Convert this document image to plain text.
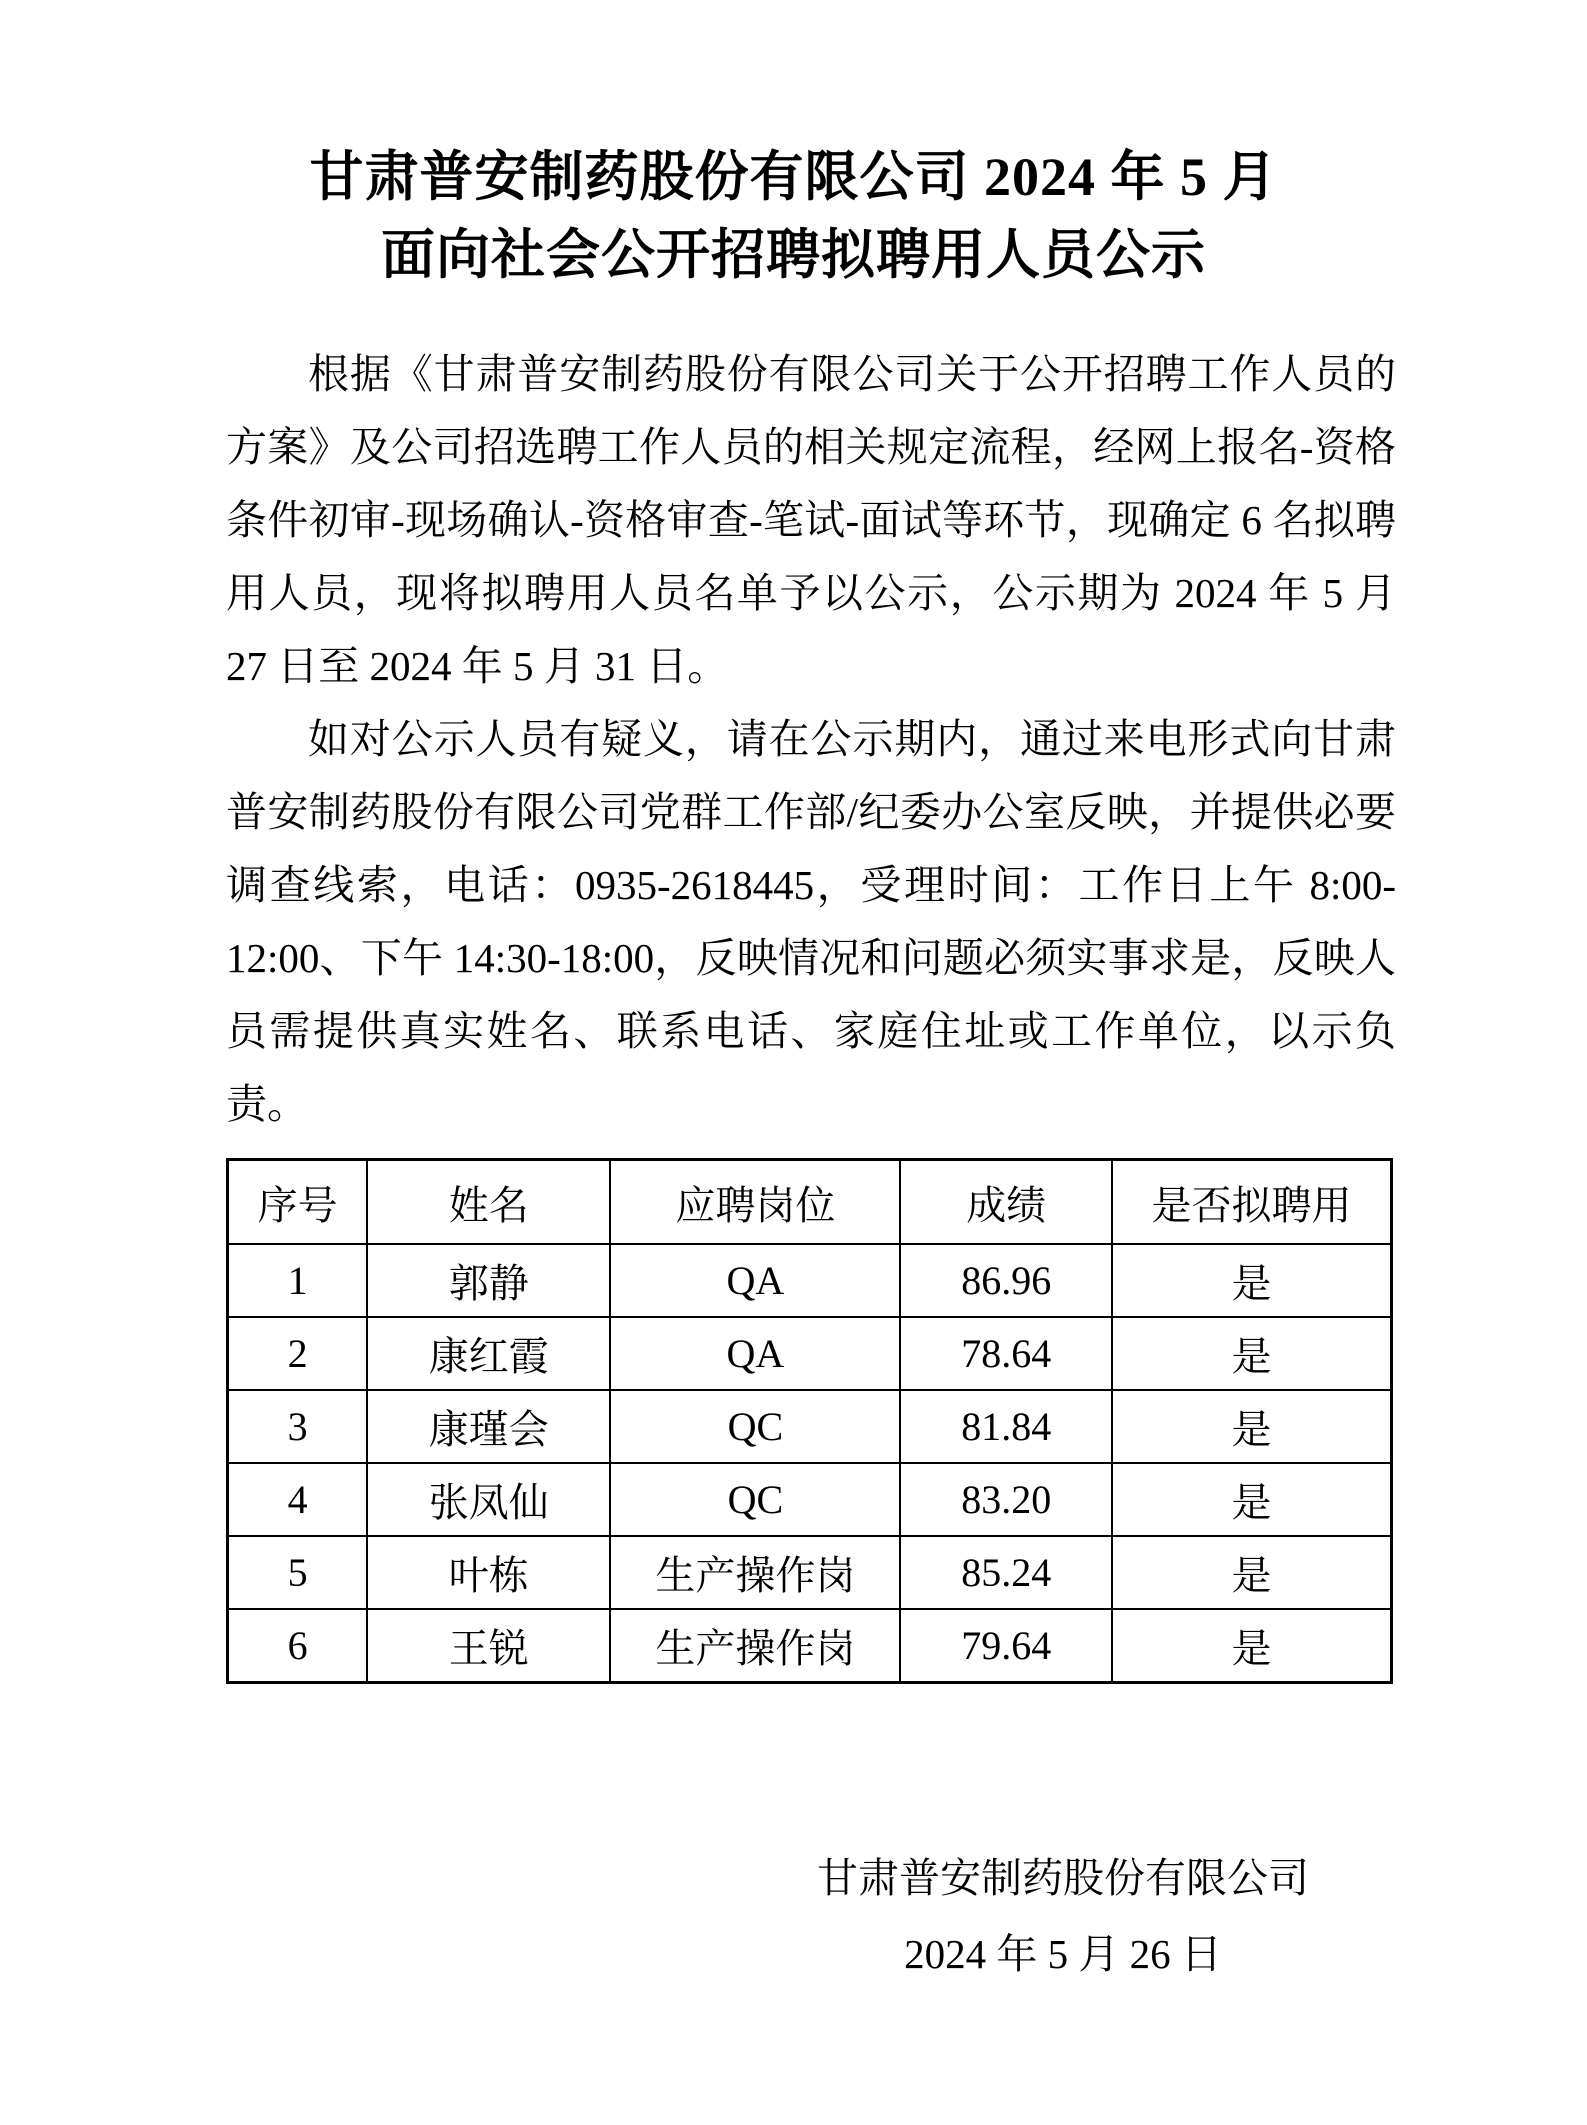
甘肃普安制药股份有限公司 2024 年 5 月
面向社会公开招聘拟聘用人员公示

根据《甘肃普安制药股份有限公司关于公开招聘工作人员的方案》及公司招选聘工作人员的相关规定流程，经网上报名-资格条件初审-现场确认-资格审查-笔试-面试等环节，现确定 6 名拟聘用人员，现将拟聘用人员名单予以公示，公示期为 2024 年 5 月 27 日至 2024 年 5 月 31 日。

如对公示人员有疑义，请在公示期内，通过来电形式向甘肃普安制药股份有限公司党群工作部/纪委办公室反映，并提供必要调查线索，电话：0935-2618445，受理时间：工作日上午 8:00-12:00、下午 14:30-18:00，反映情况和问题必须实事求是，反映人员需提供真实姓名、联系电话、家庭住址或工作单位，以示负责。

序号	姓名	应聘岗位	成绩	是否拟聘用
1	郭静	QA	86.96	是
2	康红霞	QA	78.64	是
3	康瑾会	QC	81.84	是
4	张凤仙	QC	83.20	是
5	叶栋	生产操作岗	85.24	是
6	王锐	生产操作岗	79.64	是
甘肃普安制药股份有限公司
2024 年 5 月 26 日
